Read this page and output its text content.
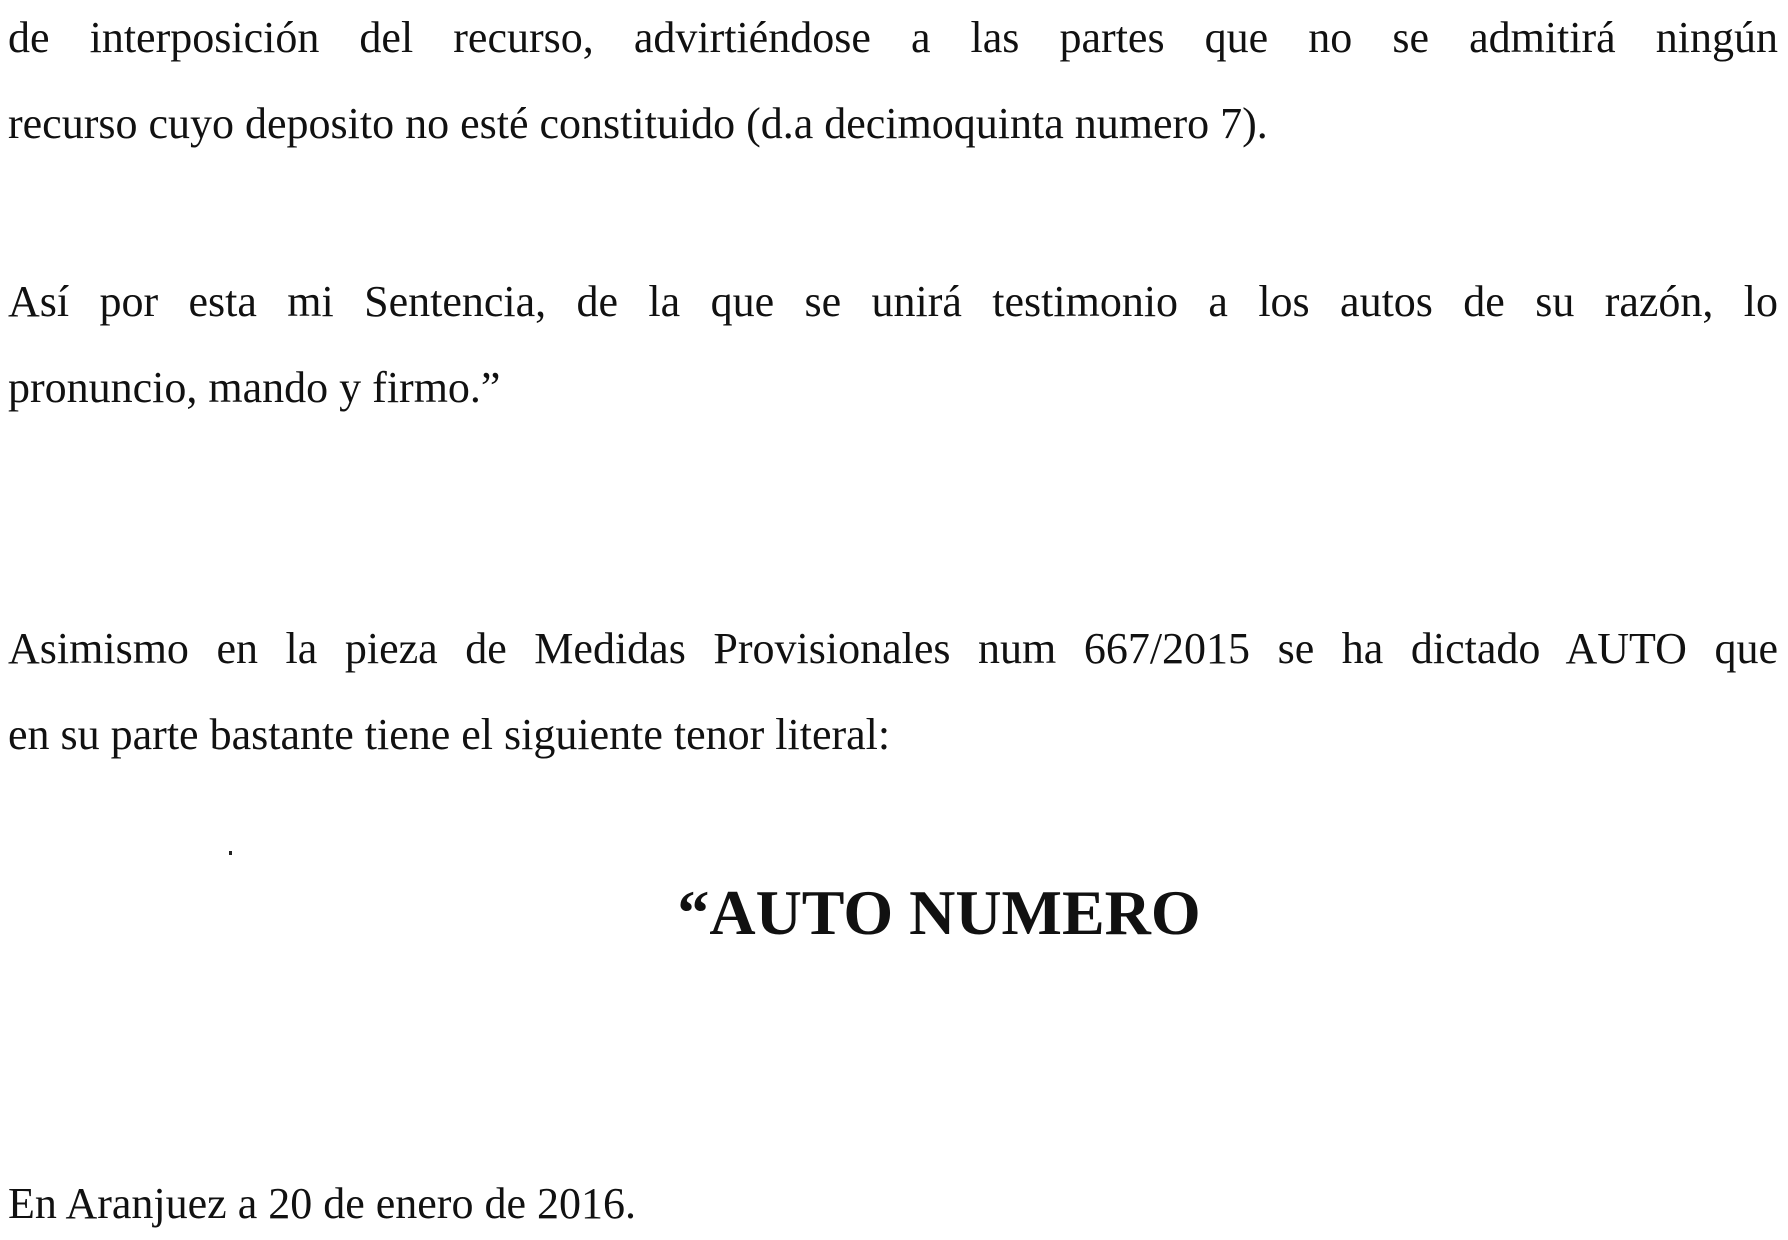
de interposición del recurso, advirtiéndose a las partes que no se admitirá ningún
recurso cuyo deposito no esté constituido (d.a decimoquinta numero 7).
Así por esta mi Sentencia, de la que se unirá testimonio a los autos de su razón, lo
pronuncio, mando y firmo.”
Asimismo en la pieza de Medidas Provisionales num 667/2015 se ha dictado AUTO que
en su parte bastante tiene el siguiente tenor literal:
“AUTO NUMERO
En Aranjuez a 20 de enero de 2016.
